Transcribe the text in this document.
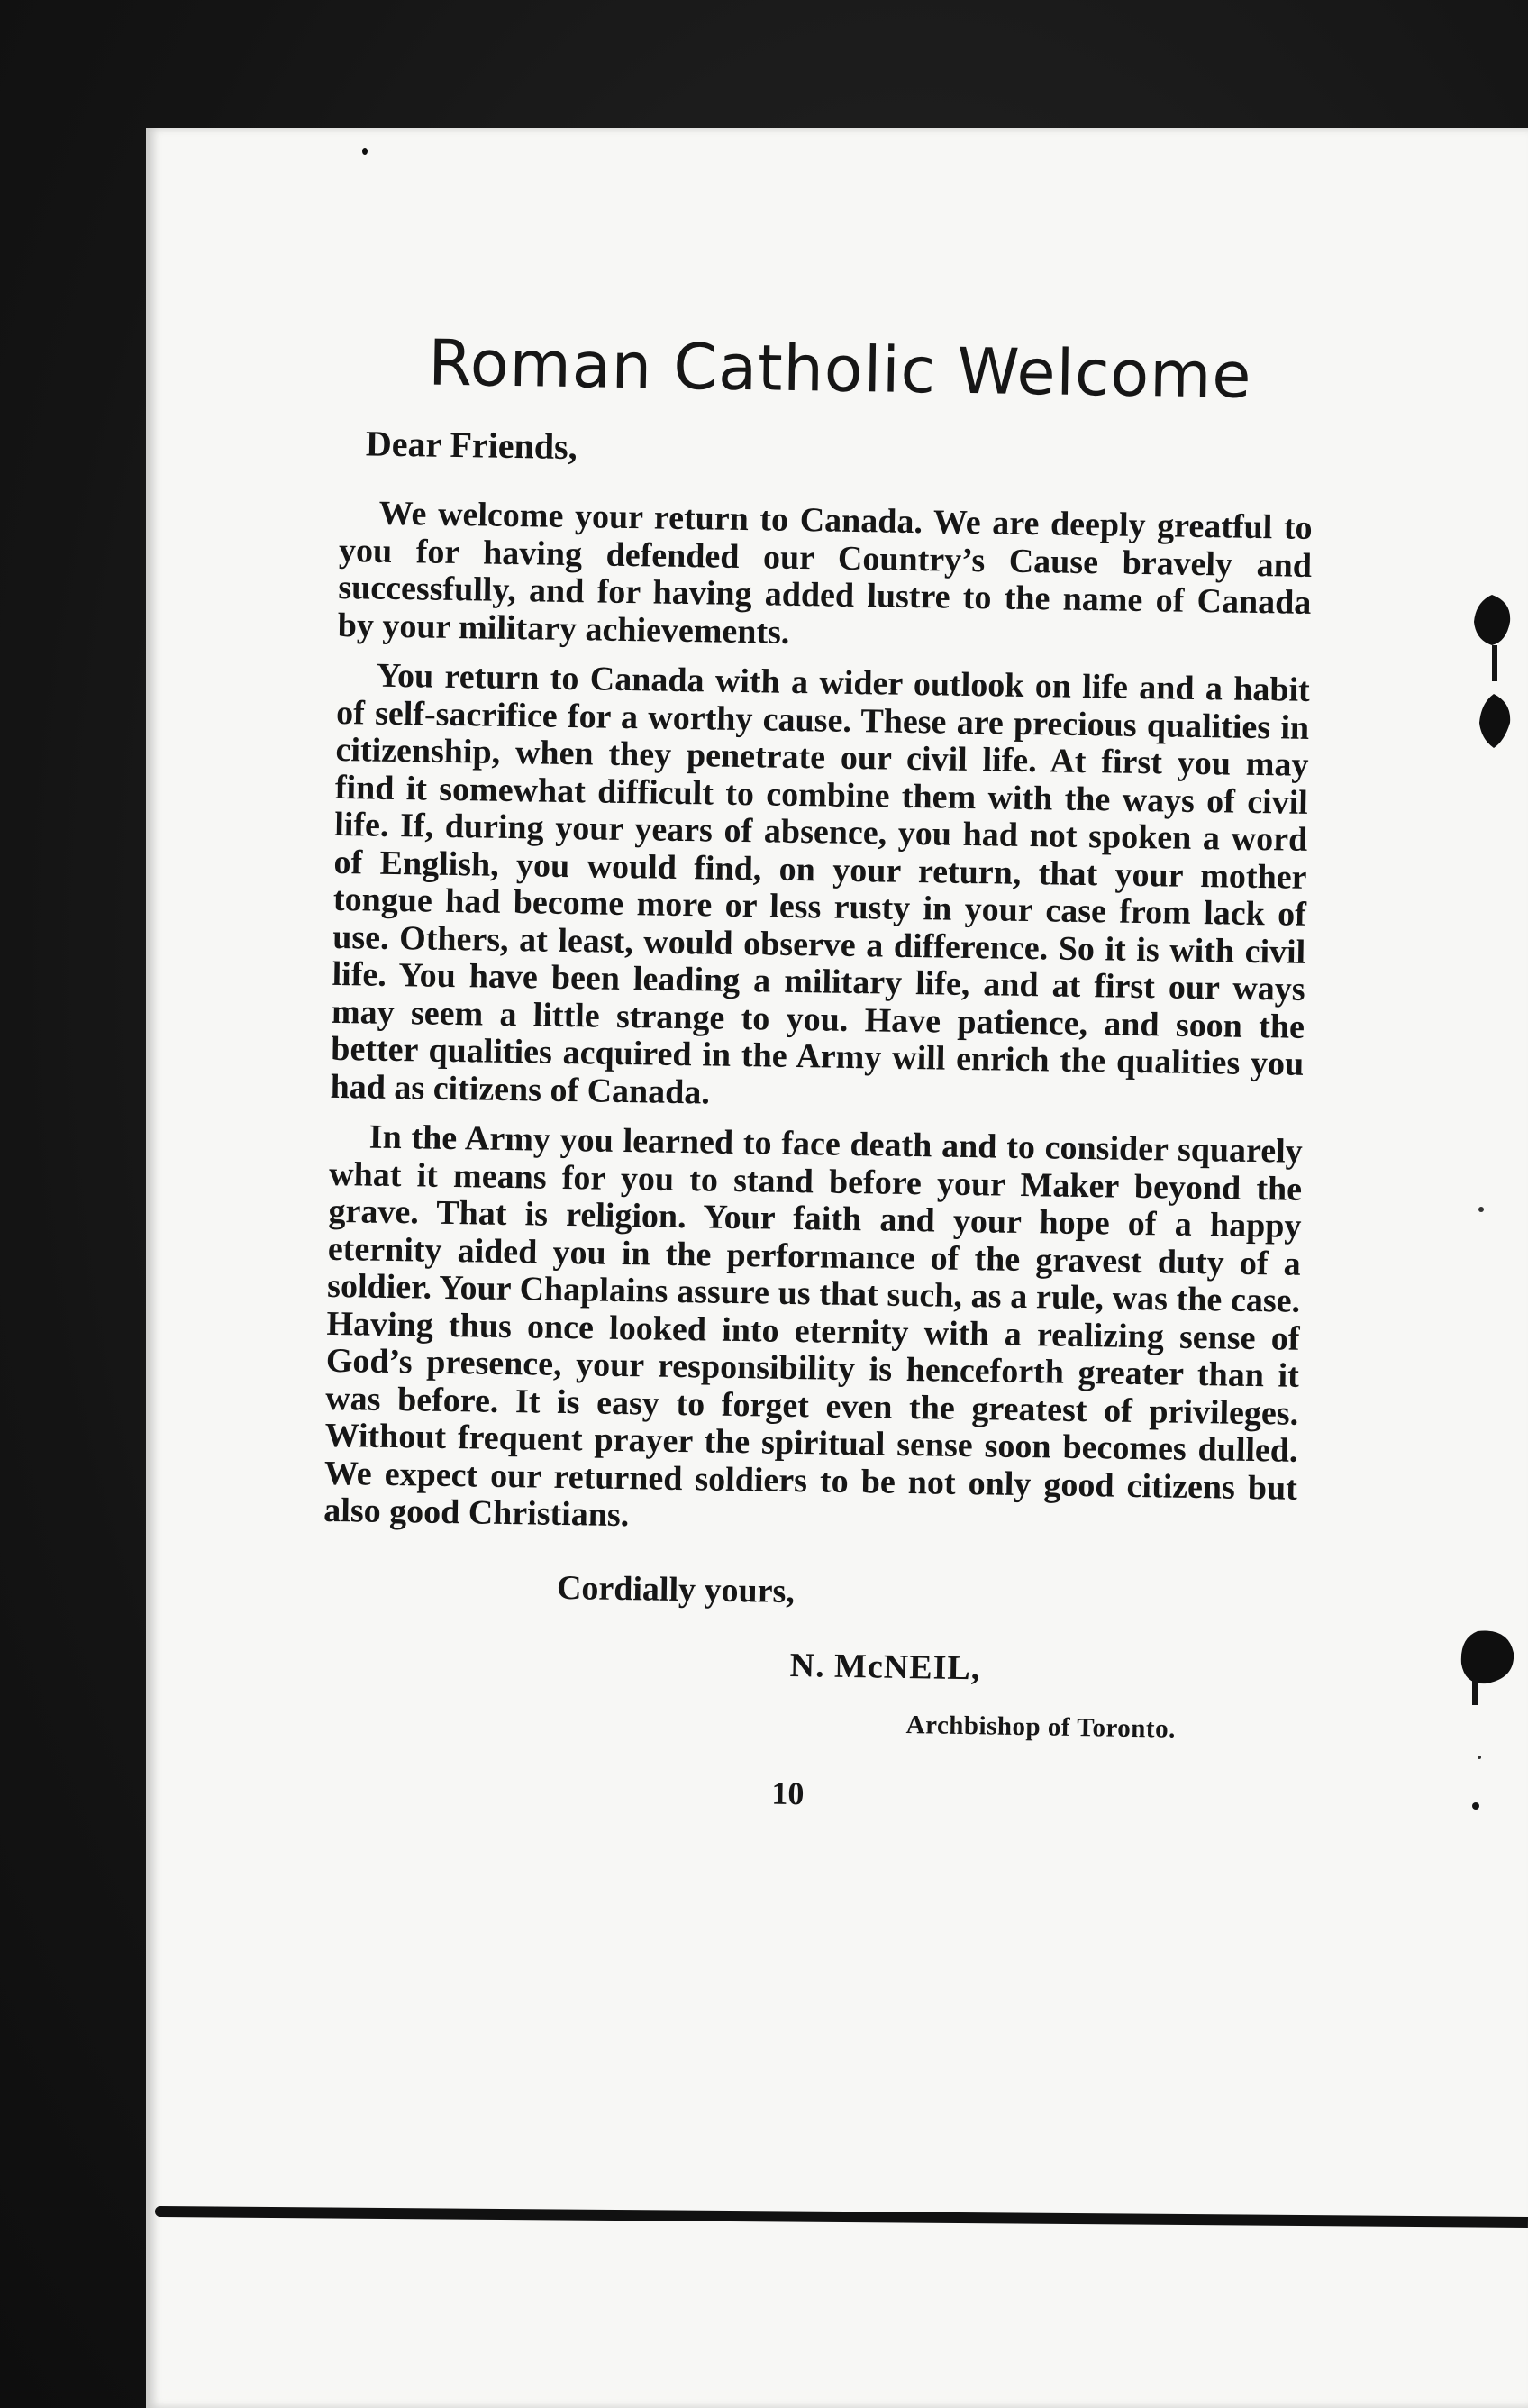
Roman Catholic Welcome
Dear Friends,

We welcome your return to Canada. We are deeply greatful to you for having defended our Country’s Cause bravely and successfully, and for having added lustre to the name of Canada by your military achievements.

You return to Canada with a wider outlook on life and a habit of self-sacrifice for a worthy cause. These are precious qualities in citizenship, when they penetrate our civil life. At first you may find it somewhat difficult to combine them with the ways of civil life. If, during your years of absence, you had not spoken a word of English, you would find, on your return, that your mother tongue had become more or less rusty in your case from lack of use. Others, at least, would observe a difference. So it is with civil life. You have been leading a military life, and at first our ways may seem a little strange to you. Have patience, and soon the better qualities acquired in the Army will enrich the qualities you had as citizens of Canada.

In the Army you learned to face death and to consider squarely what it means for you to stand before your Maker beyond the grave. That is religion. Your faith and your hope of a happy eternity aided you in the performance of the gravest duty of a soldier. Your Chaplains assure us that such, as a rule, was the case. Having thus once looked into eternity with a realizing sense of God’s presence, your responsibility is henceforth greater than it was before. It is easy to forget even the greatest of privileges. Without frequent prayer the spiritual sense soon becomes dulled. We expect our returned soldiers to be not only good citizens but also good Christians.

Cordially yours,
N. McNEIL,
Archbishop of Toronto.
10
